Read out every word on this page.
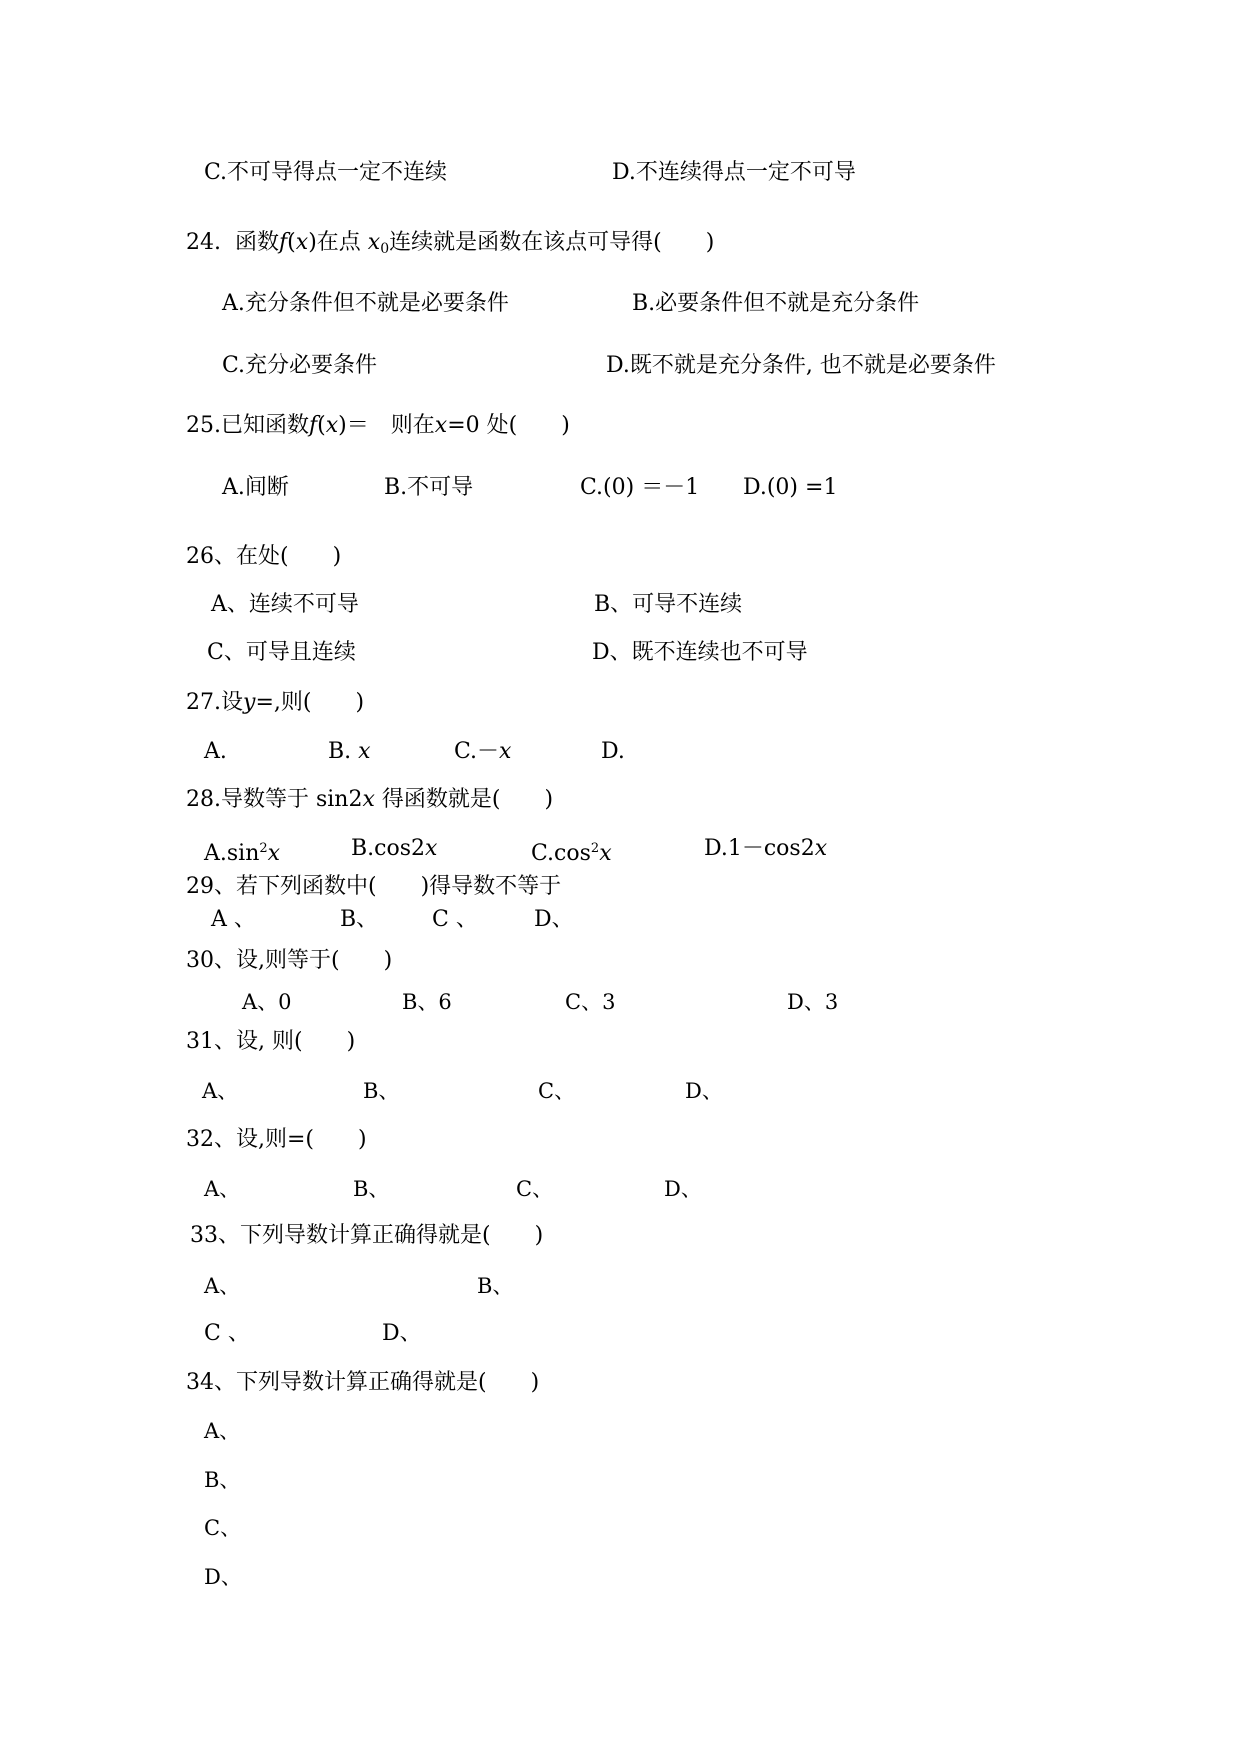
C.不可导得点一定不连续	D.不连续得点一定不可导
24. 函数f(x)在点 $x_0$连续就是函数在该点可导得(　　)
A.充分条件但不就是必要条件	B.必要条件但不就是充分条件
C.充分必要条件	D.既不就是充分条件, 也不就是必要条件
25.已知函数f(x)＝　则在x=0 处(　　)
A.间断	B.不可导	C.(0) ＝－1 D.(0) =1
26、在处(　　)
A、连续不可导	B、可导不连续
C、可导且连续	D、既不连续也不可导
27.设y=,则(　　)
A.	B. x	C.－x	D.
28.导数等于 sin2x 得函数就是(　　)
$A.\sin^2x$	B.cos2x	$C.\cos^2x$	D.1－cos2x
29、若下列函数中(　　)得导数不等于
A 、	B、 C 、	D、
30、设,则等于(　　)
A、0	B、6	C、3	D、3
31、设, 则(　　)
A、	B、	C、	D、
32、设,则=(　　)
A、	B、	C、	D、
33、下列导数计算正确得就是(　　)
A、	B、
C 、	D、
34、下列导数计算正确得就是(　　)
A、
B、
C、
D、
